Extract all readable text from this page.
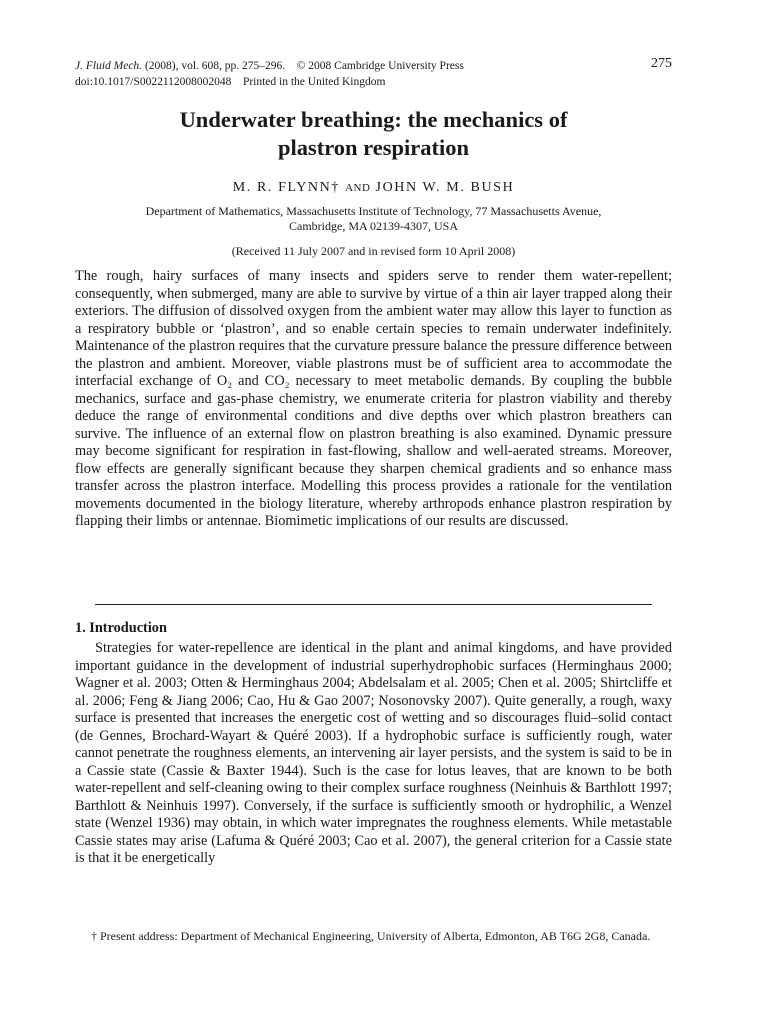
J. Fluid Mech. (2008), vol. 608, pp. 275–296. © 2008 Cambridge University Press
doi:10.1017/S0022112008002048 Printed in the United Kingdom
275
Underwater breathing: the mechanics of
plastron respiration
M. R. FLYNN† AND JOHN W. M. BUSH
Department of Mathematics, Massachusetts Institute of Technology, 77 Massachusetts Avenue,
Cambridge, MA 02139-4307, USA
(Received 11 July 2007 and in revised form 10 April 2008)

The rough, hairy surfaces of many insects and spiders serve to render them water-repellent; consequently, when submerged, many are able to survive by virtue of a thin air layer trapped along their exteriors. The diffusion of dissolved oxygen from the ambient water may allow this layer to function as a respiratory bubble or ‘plastron’, and so enable certain species to remain underwater indefinitely. Maintenance of the plastron requires that the curvature pressure balance the pressure difference between the plastron and ambient. Moreover, viable plastrons must be of sufficient area to accommodate the interfacial exchange of O₂ and CO₂ necessary to meet metabolic demands. By coupling the bubble mechanics, surface and gas-phase chemistry, we enumerate criteria for plastron viability and thereby deduce the range of environmental conditions and dive depths over which plastron breathers can survive. The influence of an external flow on plastron breathing is also examined. Dynamic pressure may become significant for respiration in fast-flowing, shallow and well-aerated streams. Moreover, flow effects are generally significant because they sharpen chemical gradients and so enhance mass transfer across the plastron interface. Modelling this process provides a rationale for the ventilation movements documented in the biology literature, whereby arthropods enhance plastron respiration by flapping their limbs or antennae. Biomimetic implications of our results are discussed.

1. Introduction

Strategies for water-repellence are identical in the plant and animal kingdoms, and have provided important guidance in the development of industrial superhydrophobic surfaces (Herminghaus 2000; Wagner et al. 2003; Otten & Herminghaus 2004; Abdelsalam et al. 2005; Chen et al. 2005; Shirtcliffe et al. 2006; Feng & Jiang 2006; Cao, Hu & Gao 2007; Nosonovsky 2007). Quite generally, a rough, waxy surface is presented that increases the energetic cost of wetting and so discourages fluid–solid contact (de Gennes, Brochard-Wayart & Quéré 2003). If a hydrophobic surface is sufficiently rough, water cannot penetrate the roughness elements, an intervening air layer persists, and the system is said to be in a Cassie state (Cassie & Baxter 1944). Such is the case for lotus leaves, that are known to be both water-repellent and self-cleaning owing to their complex surface roughness (Neinhuis & Barthlott 1997; Barthlott & Neinhuis 1997). Conversely, if the surface is sufficiently smooth or hydrophilic, a Wenzel state (Wenzel 1936) may obtain, in which water impregnates the roughness elements. While metastable Cassie states may arise (Lafuma & Quéré 2003; Cao et al. 2007), the general criterion for a Cassie state is that it be energetically

† Present address: Department of Mechanical Engineering, University of Alberta, Edmonton, AB T6G 2G8, Canada.
